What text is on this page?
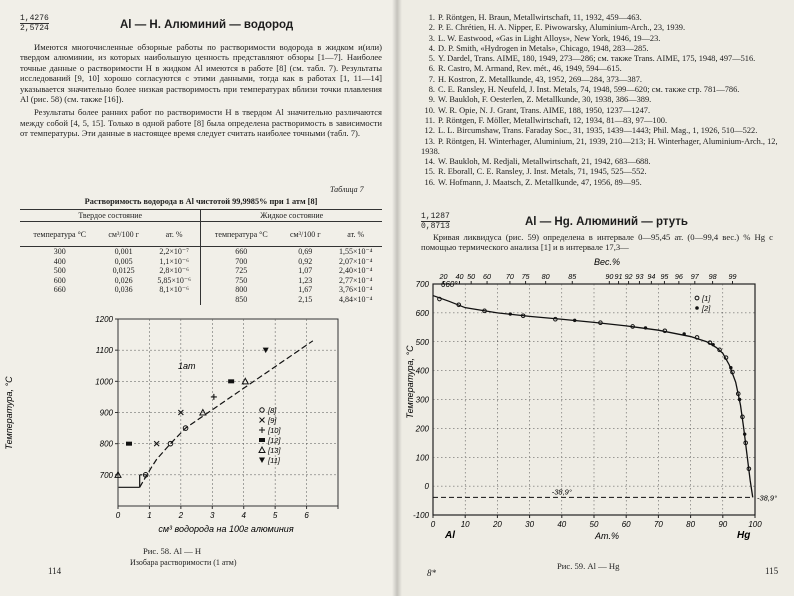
$\frac{1,4276}{2,5724}$	Al — H. Алюминий — водород

Имеются многочисленные обзорные работы по растворимости водорода в жидком и(или) твердом алюминии, из которых наибольшую ценность представляют обзоры [1—7]. Наиболее точные данные о растворимости H в жидком Al имеются в работе [8] (см. табл. 7). Результаты исследований [9, 10] хорошо согласуются с этими данными, тогда как в работах [1, 11—14] указывается значительно более низкая растворимость при температурах вблизи точки плавления Al (рис. 58) (см. также [16]).

Результаты более ранних работ по растворимости H в твердом Al значительно различаются между собой [4, 5, 15]. Только в одной работе [8] была определена растворимость в зависимости от температуры. Эти данные в настоящее время следует считать наиболее точными (табл. 7).

Таблица 7
Растворимость водорода в Al чистотой 99,9985% при 1 атм [8]
Твердое состояние			Жидкое состояние		
температура °C	см³/100 г	ат. %	температура °C	см³/100 г	ат. %
300	0,001	2,2×10⁻⁷	660	0,69	1,55×10⁻⁴
400	0,005	1,1×10⁻⁶	700	0,92	2,07×10⁻⁴
500	0,0125	2,8×10⁻⁶	725	1,07	2,40×10⁻⁴
600	0,026	5,85×10⁻⁶	750	1,23	2,77×10⁻⁴
660	0,036	8,1×10⁻⁶	800	1,67	3,76×10⁻⁴
			850	2,15	4,84×10⁻⁴
700
800
900
1000
1100
1200
0	1	2	3	4	5	6
Температура, °С
см³ водорода на 100г алюминия
1ат
[8]
[9]
[10]
[12]
[13]
[11]
Рис. 58. Al — H
Изобара растворимости (1 атм)
114

1. P. Röntgen, H. Braun, Metallwirtschaft, 11, 1932, 459—463.

2. P. E. Chrétien, H. A. Nipper, E. Piwowarsky, Aluminium-Arch., 23, 1939.

3. L. W. Eastwood, «Gas in Light Alloys», New York, 1946, 19—23.

4. D. P. Smith, «Hydrogen in Metals», Chicago, 1948, 283—285.

5. Y. Dardel, Trans. AIME, 180, 1949, 273—286; см. также Trans. AIME, 175, 1948, 497—516.

6. R. Castro, M. Armand, Rev. mét., 46, 1949, 594—615.

7. H. Kostron, Z. Metallkunde, 43, 1952, 269—284, 373—387.

8. C. E. Ransley, H. Neufeld, J. Inst. Metals, 74, 1948, 599—620; см. также стр. 781—786.

9. W. Baukloh, F. Oesterlen, Z. Metallkunde, 30, 1938, 386—389.

10. W. R. Opie, N. J. Grant, Trans. AIME, 188, 1950, 1237—1247.

11. P. Röntgen, F. Möller, Metallwirtschaft, 12, 1934, 81—83, 97—100.

12. L. L. Bircumshaw, Trans. Faraday Soc., 31, 1935, 1439—1443; Phil. Mag., 1, 1926, 510—522.

13. P. Röntgen, H. Winterhager, Aluminium, 21, 1939, 210—213; H. Winterhager, Aluminium-Arch., 12, 1938.

14. W. Baukloh, M. Redjali, Metallwirtschaft, 21, 1942, 683—688.

15. R. Eborall, C. E. Ransley, J. Inst. Metals, 71, 1945, 525—552.

16. W. Hofmann, J. Maatsch, Z. Metallkunde, 47, 1956, 89—95.

$\frac{1,1287}{0,8713}$	Al — Hg. Алюминий — ртуть

Кривая ликвидуса (рис. 59) определена в интервале 0—95,45 ат. (0—99,4 вес.) % Hg с помощью термического анализа [1] и в интервале 17,3—

700
600
500
400
300
200
100
0
-100
0	10	20	30	40	50	60	70	80	90	100
20 40 50 60 70 75 80	85	90 91 92 93 94 95 96 97 98 99
Вес.%
Температура, °С
Ат.%
Al	Hg
660°
-38,9°
-38,9°
[1]
[2]
8*
Рис. 59. Al — Hg	115
